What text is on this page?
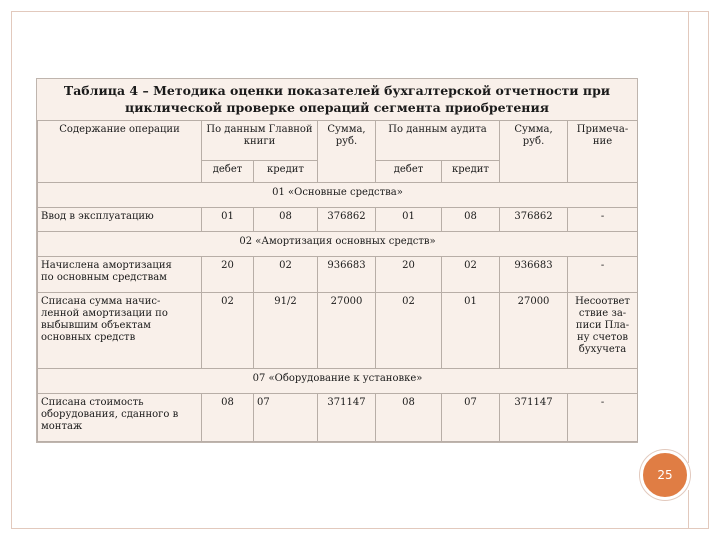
Таблица 4 – Методика оценки показателей бухгалтерской отчетности при циклической проверке операций сегмента приобретения
Содержание операции	По данным Главной книги		Сумма, руб.	По данным аудита		Сумма, руб.	Примеча-
ние
	дебет	кредит		дебет	кредит		
01 «Основные средства»							
Ввод в эксплуатацию	01	08	376862	01	08	376862	-
02 «Амортизация основных средств»							
Начислена амортизация
по основным средствам	20	02	936683	20	02	936683	-
Списана сумма начис-
ленной амортизации по
выбывшим объектам
основных средств	02	91/2	27000	02	01	27000	Несоответ
ствие за-
писи Пла-
ну счетов
бухучета
07 «Оборудование к установке»							
Списана стоимость
оборудования, сданного в
монтаж	08	07	371147	08	07	371147	-
25
